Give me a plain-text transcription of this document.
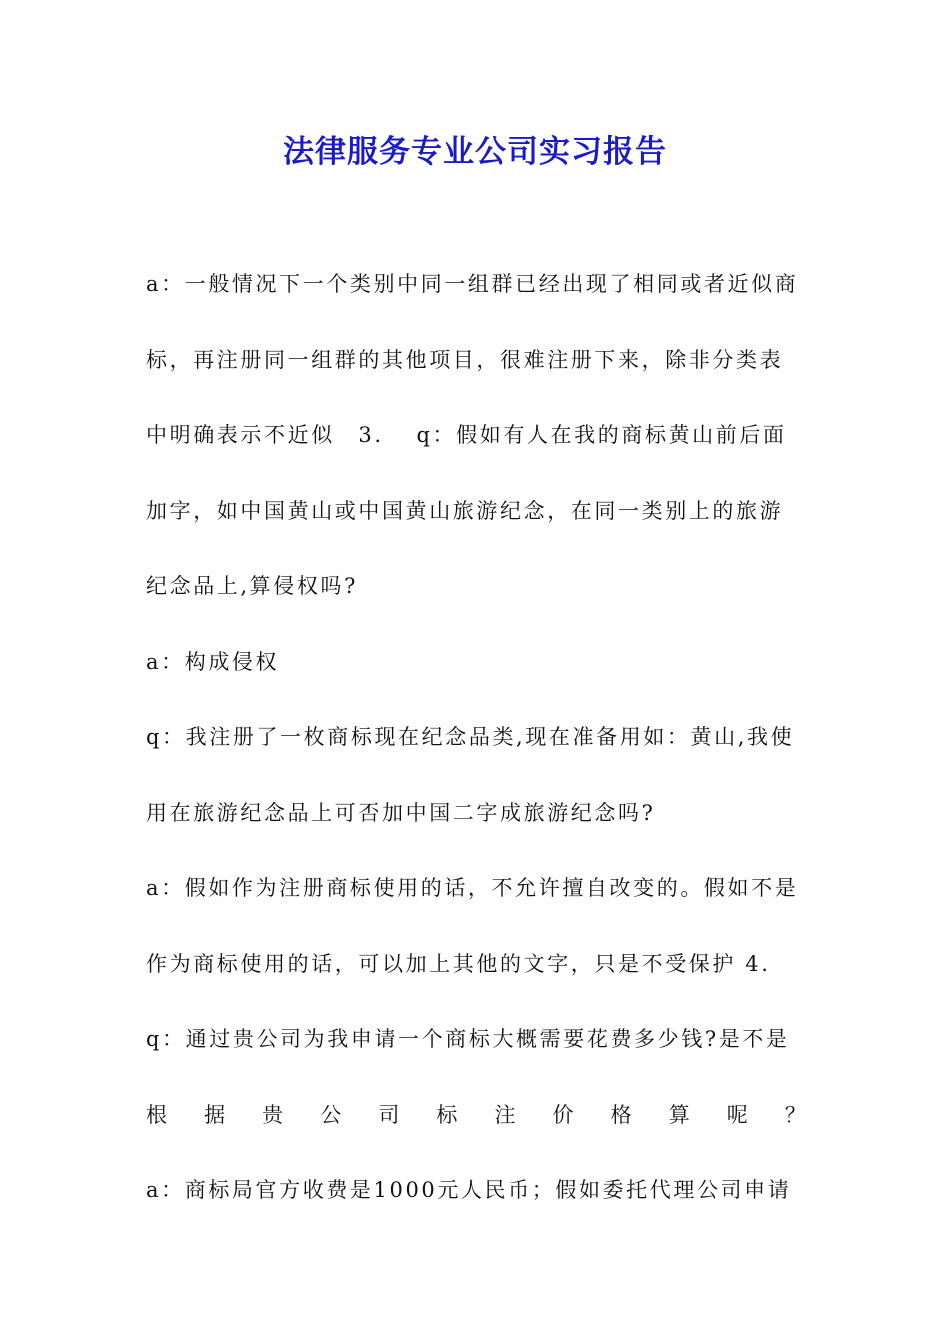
法律服务专业公司实习报告
a：一般情况下一个类别中同一组群已经出现了相同或者近似商
标，再注册同一组群的其他项目，很难注册下来，除非分类表
中明确表示不近似　3.　 q：假如有人在我的商标黄山前后面
加字，如中国黄山或中国黄山旅游纪念，在同一类别上的旅游
纪念品上,算侵权吗?
a：构成侵权
q：我注册了一枚商标现在纪念品类,现在准备用如：黄山,我使
用在旅游纪念品上可否加中国二字成旅游纪念吗?
a：假如作为注册商标使用的话，不允许擅自改变的。假如不是
作为商标使用的话，可以加上其他的文字，只是不受保护 4.
q：通过贵公司为我申请一个商标大概需要花费多少钱?是不是
根 据 贵 公 司 标 注 价 格 算 呢 ？
a：商标局官方收费是1000元人民币；假如委托代理公司申请
